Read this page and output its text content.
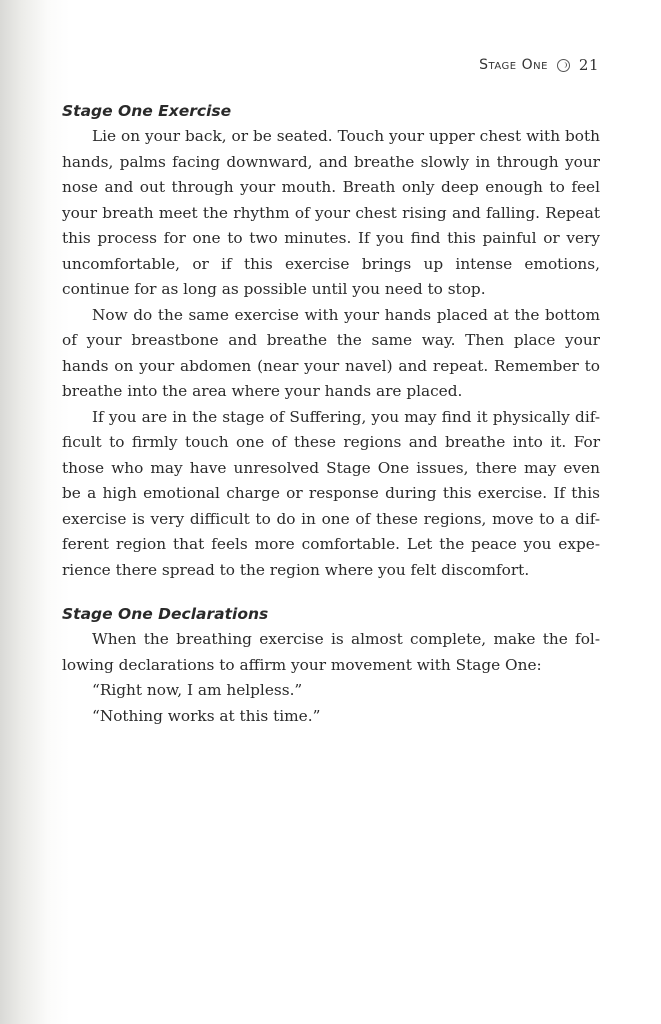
Stage One 21
Stage One Exercise

Lie on your back, or be seated. Touch your upper chest with both hands, palms facing downward, and breathe slowly in through your nose and out through your mouth. Breath only deep enough to feel your breath meet the rhythm of your chest rising and falling. Repeat this process for one to two minutes. If you find this painful or very uncomfortable, or if this exercise brings up intense emotions, continue for as long as possible until you need to stop.

Now do the same exercise with your hands placed at the bottom of your breastbone and breathe the same way. Then place your hands on your abdomen (near your navel) and repeat. Remember to breathe into the area where your hands are placed.

If you are in the stage of Suffering, you may find it physically dif-ficult to firmly touch one of these regions and breathe into it. For those who may have unresolved Stage One issues, there may even be a high emotional charge or response during this exercise. If this exercise is very difficult to do in one of these regions, move to a dif-ferent region that feels more comfortable. Let the peace you expe-rience there spread to the region where you felt discomfort.

Stage One Declarations

When the breathing exercise is almost complete, make the fol-lowing declarations to affirm your movement with Stage One:

“Right now, I am helpless.”

“Nothing works at this time.”
